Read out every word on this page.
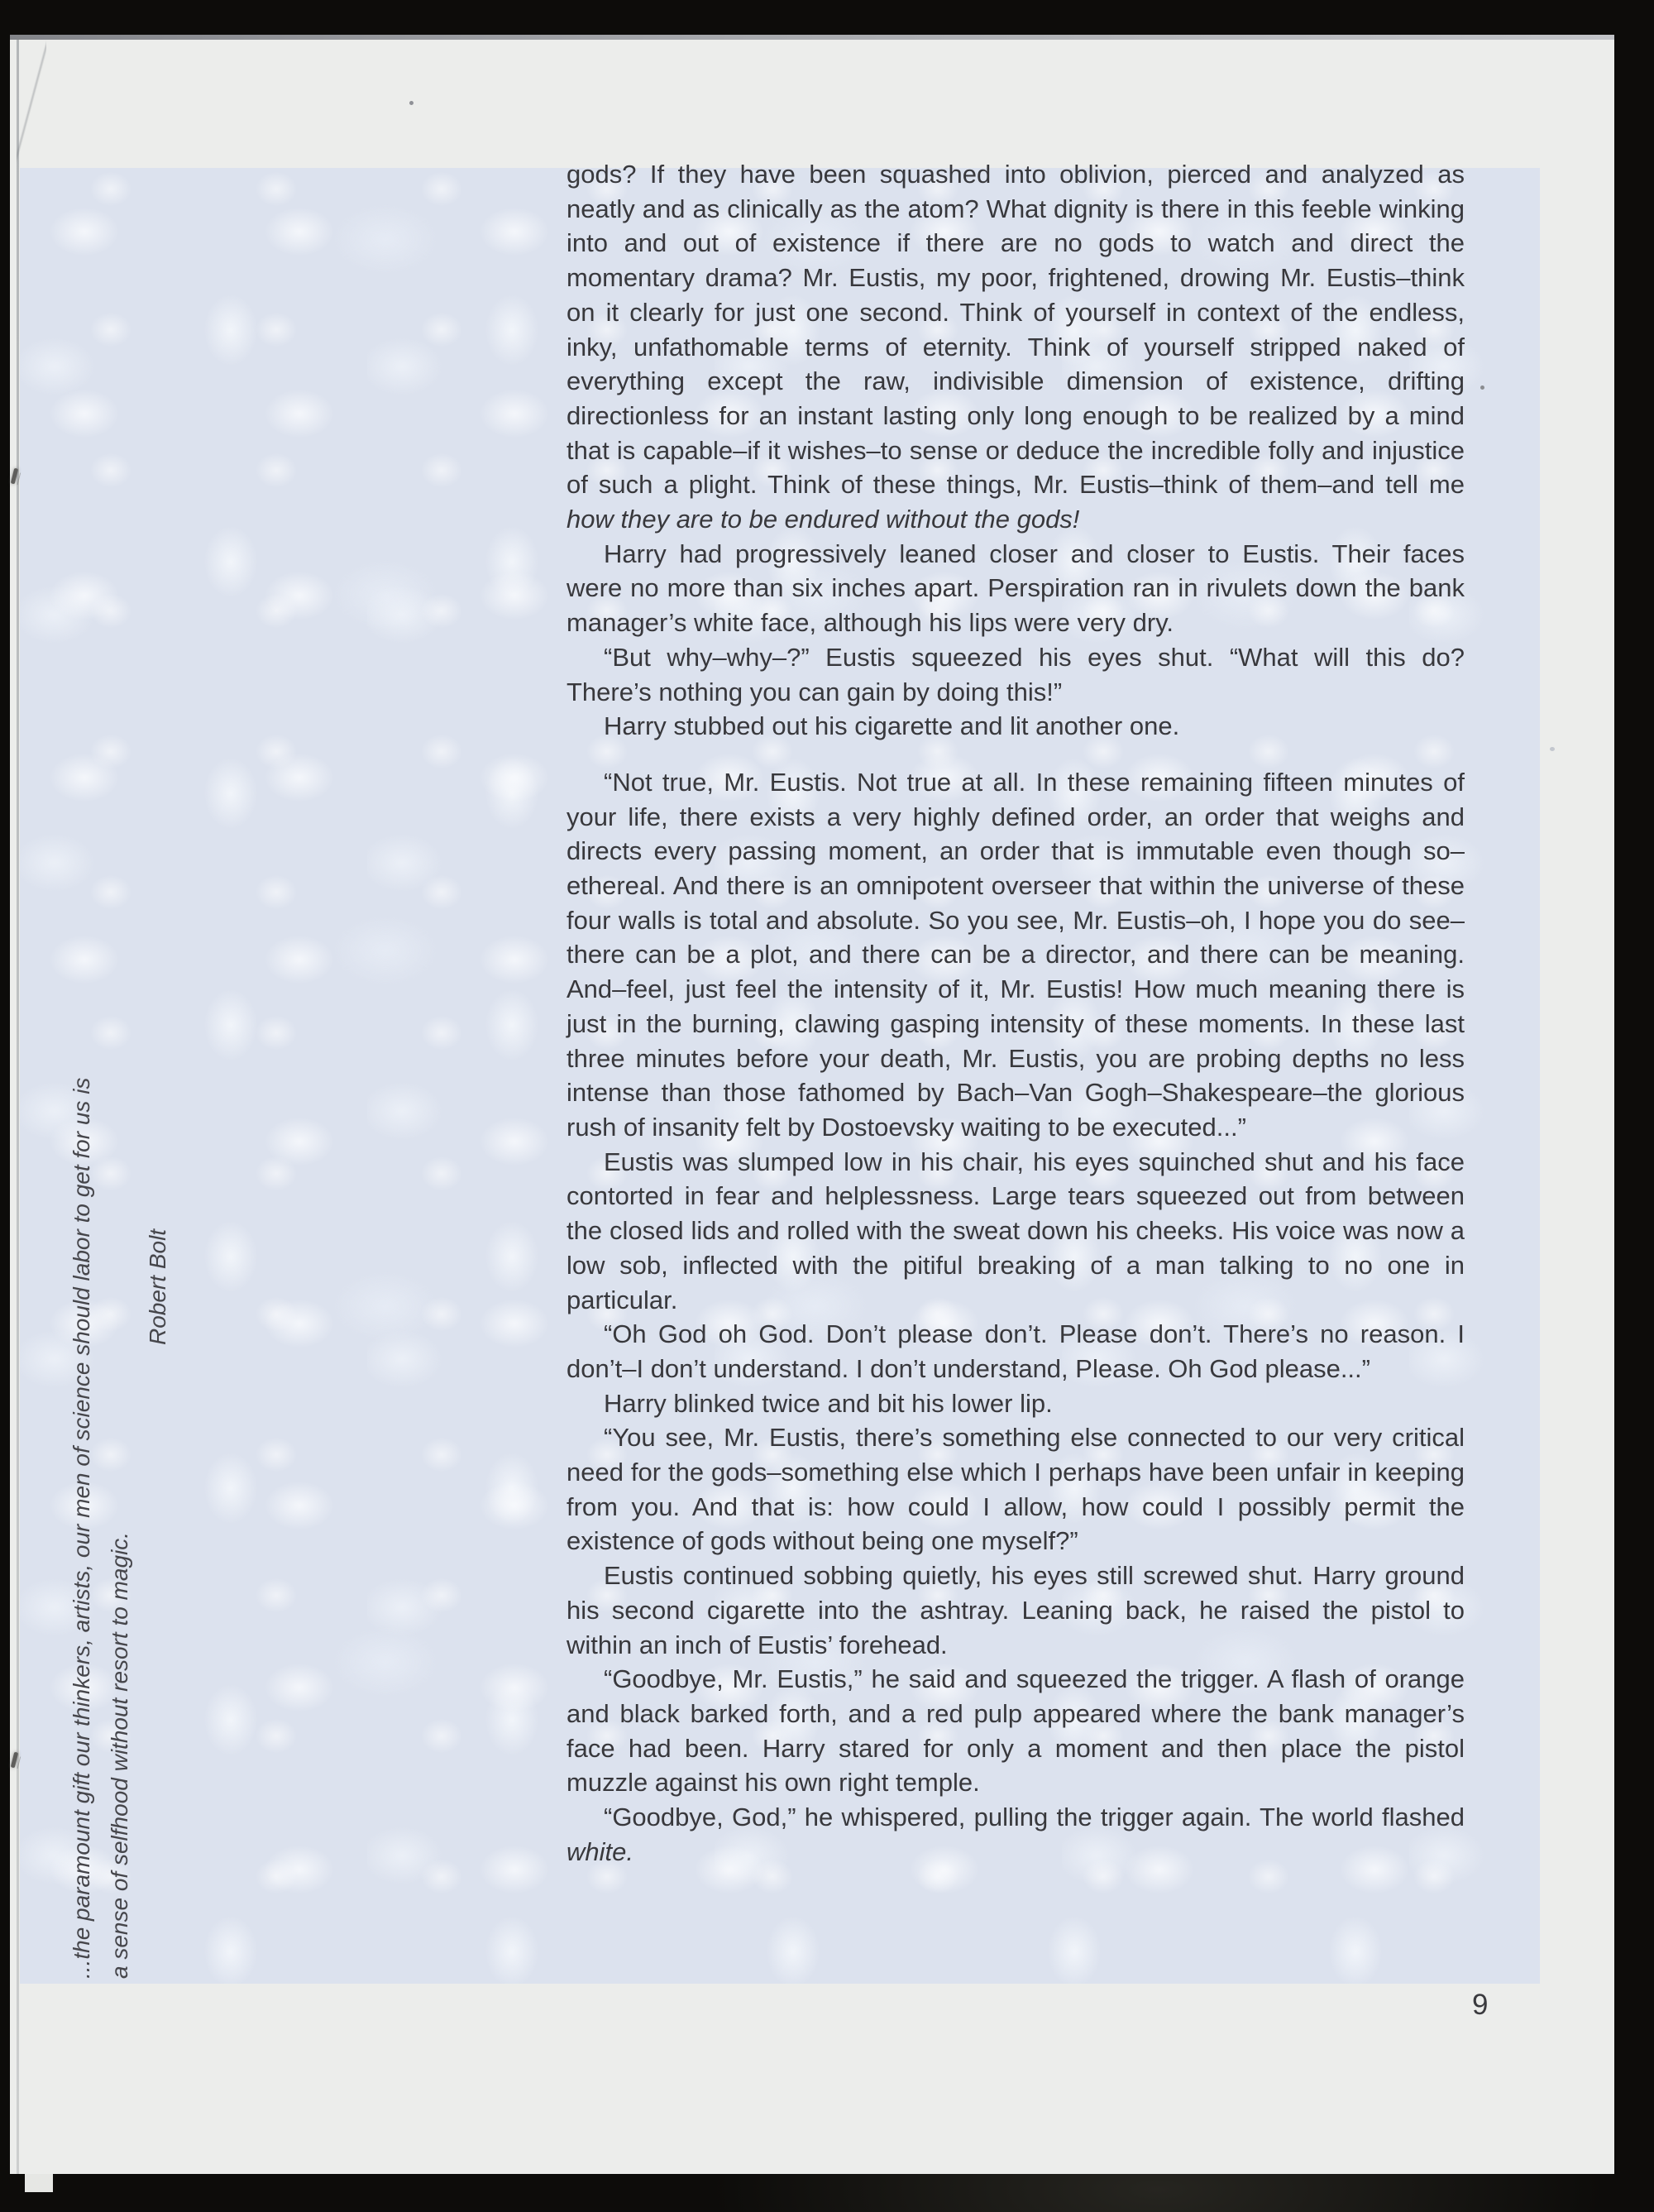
...the paramount gift our thinkers, artists, our men of science should labor to get for us is a sense of selfhood without resort to magic.

Robert Bolt

gods? If they have been squashed into oblivion, pierced and analyzed as neatly and as clinically as the atom? What dignity is there in this feeble winking into and out of existence if there are no gods to watch and direct the momentary drama? Mr. Eustis, my poor, frightened, drowing Mr. Eustis–think on it clearly for just one second. Think of yourself in context of the endless, inky, unfathomable terms of eternity. Think of yourself stripped naked of everything except the raw, indivisible dimension of existence, drifting directionless for an instant lasting only long enough to be realized by a mind that is capable–if it wishes–to sense or deduce the incredible folly and injustice of such a plight. Think of these things, Mr. Eustis–think of them–and tell me how they are to be endured without the gods!

Harry had progressively leaned closer and closer to Eustis. Their faces were no more than six inches apart. Perspiration ran in rivulets down the bank manager’s white face, although his lips were very dry.

“But why–why–?” Eustis squeezed his eyes shut. “What will this do? There’s nothing you can gain by doing this!”

Harry stubbed out his cigarette and lit another one.

“Not true, Mr. Eustis. Not true at all. In these remaining fifteen minutes of your life, there exists a very highly defined order, an order that weighs and directs every passing moment, an order that is immutable even though so–ethereal. And there is an omnipotent overseer that within the universe of these four walls is total and absolute. So you see, Mr. Eustis–oh, I hope you do see–there can be a plot, and there can be a director, and there can be meaning. And–feel, just feel the intensity of it, Mr. Eustis! How much meaning there is just in the burning, clawing gasping intensity of these moments. In these last three minutes before your death, Mr. Eustis, you are probing depths no less intense than those fathomed by Bach–Van Gogh–Shakespeare–the glorious rush of insanity felt by Dostoevsky waiting to be executed...”

Eustis was slumped low in his chair, his eyes squinched shut and his face contorted in fear and helplessness. Large tears squeezed out from between the closed lids and rolled with the sweat down his cheeks. His voice was now a low sob, inflected with the pitiful breaking of a man talking to no one in particular.

“Oh God oh God. Don’t please don’t. Please don’t. There’s no reason. I don’t–I don’t understand. I don’t understand, Please. Oh God please...”

Harry blinked twice and bit his lower lip.

“You see, Mr. Eustis, there’s something else connected to our very critical need for the gods–something else which I perhaps have been unfair in keeping from you. And that is: how could I allow, how could I possibly permit the existence of gods without being one myself?”

Eustis continued sobbing quietly, his eyes still screwed shut. Harry ground his second cigarette into the ashtray. Leaning back, he raised the pistol to within an inch of Eustis’ forehead.

“Goodbye, Mr. Eustis,” he said and squeezed the trigger. A flash of orange and black barked forth, and a red pulp appeared where the bank manager’s face had been. Harry stared for only a moment and then place the pistol muzzle against his own right temple.

“Goodbye, God,” he whispered, pulling the trigger again. The world flashed white.

9
